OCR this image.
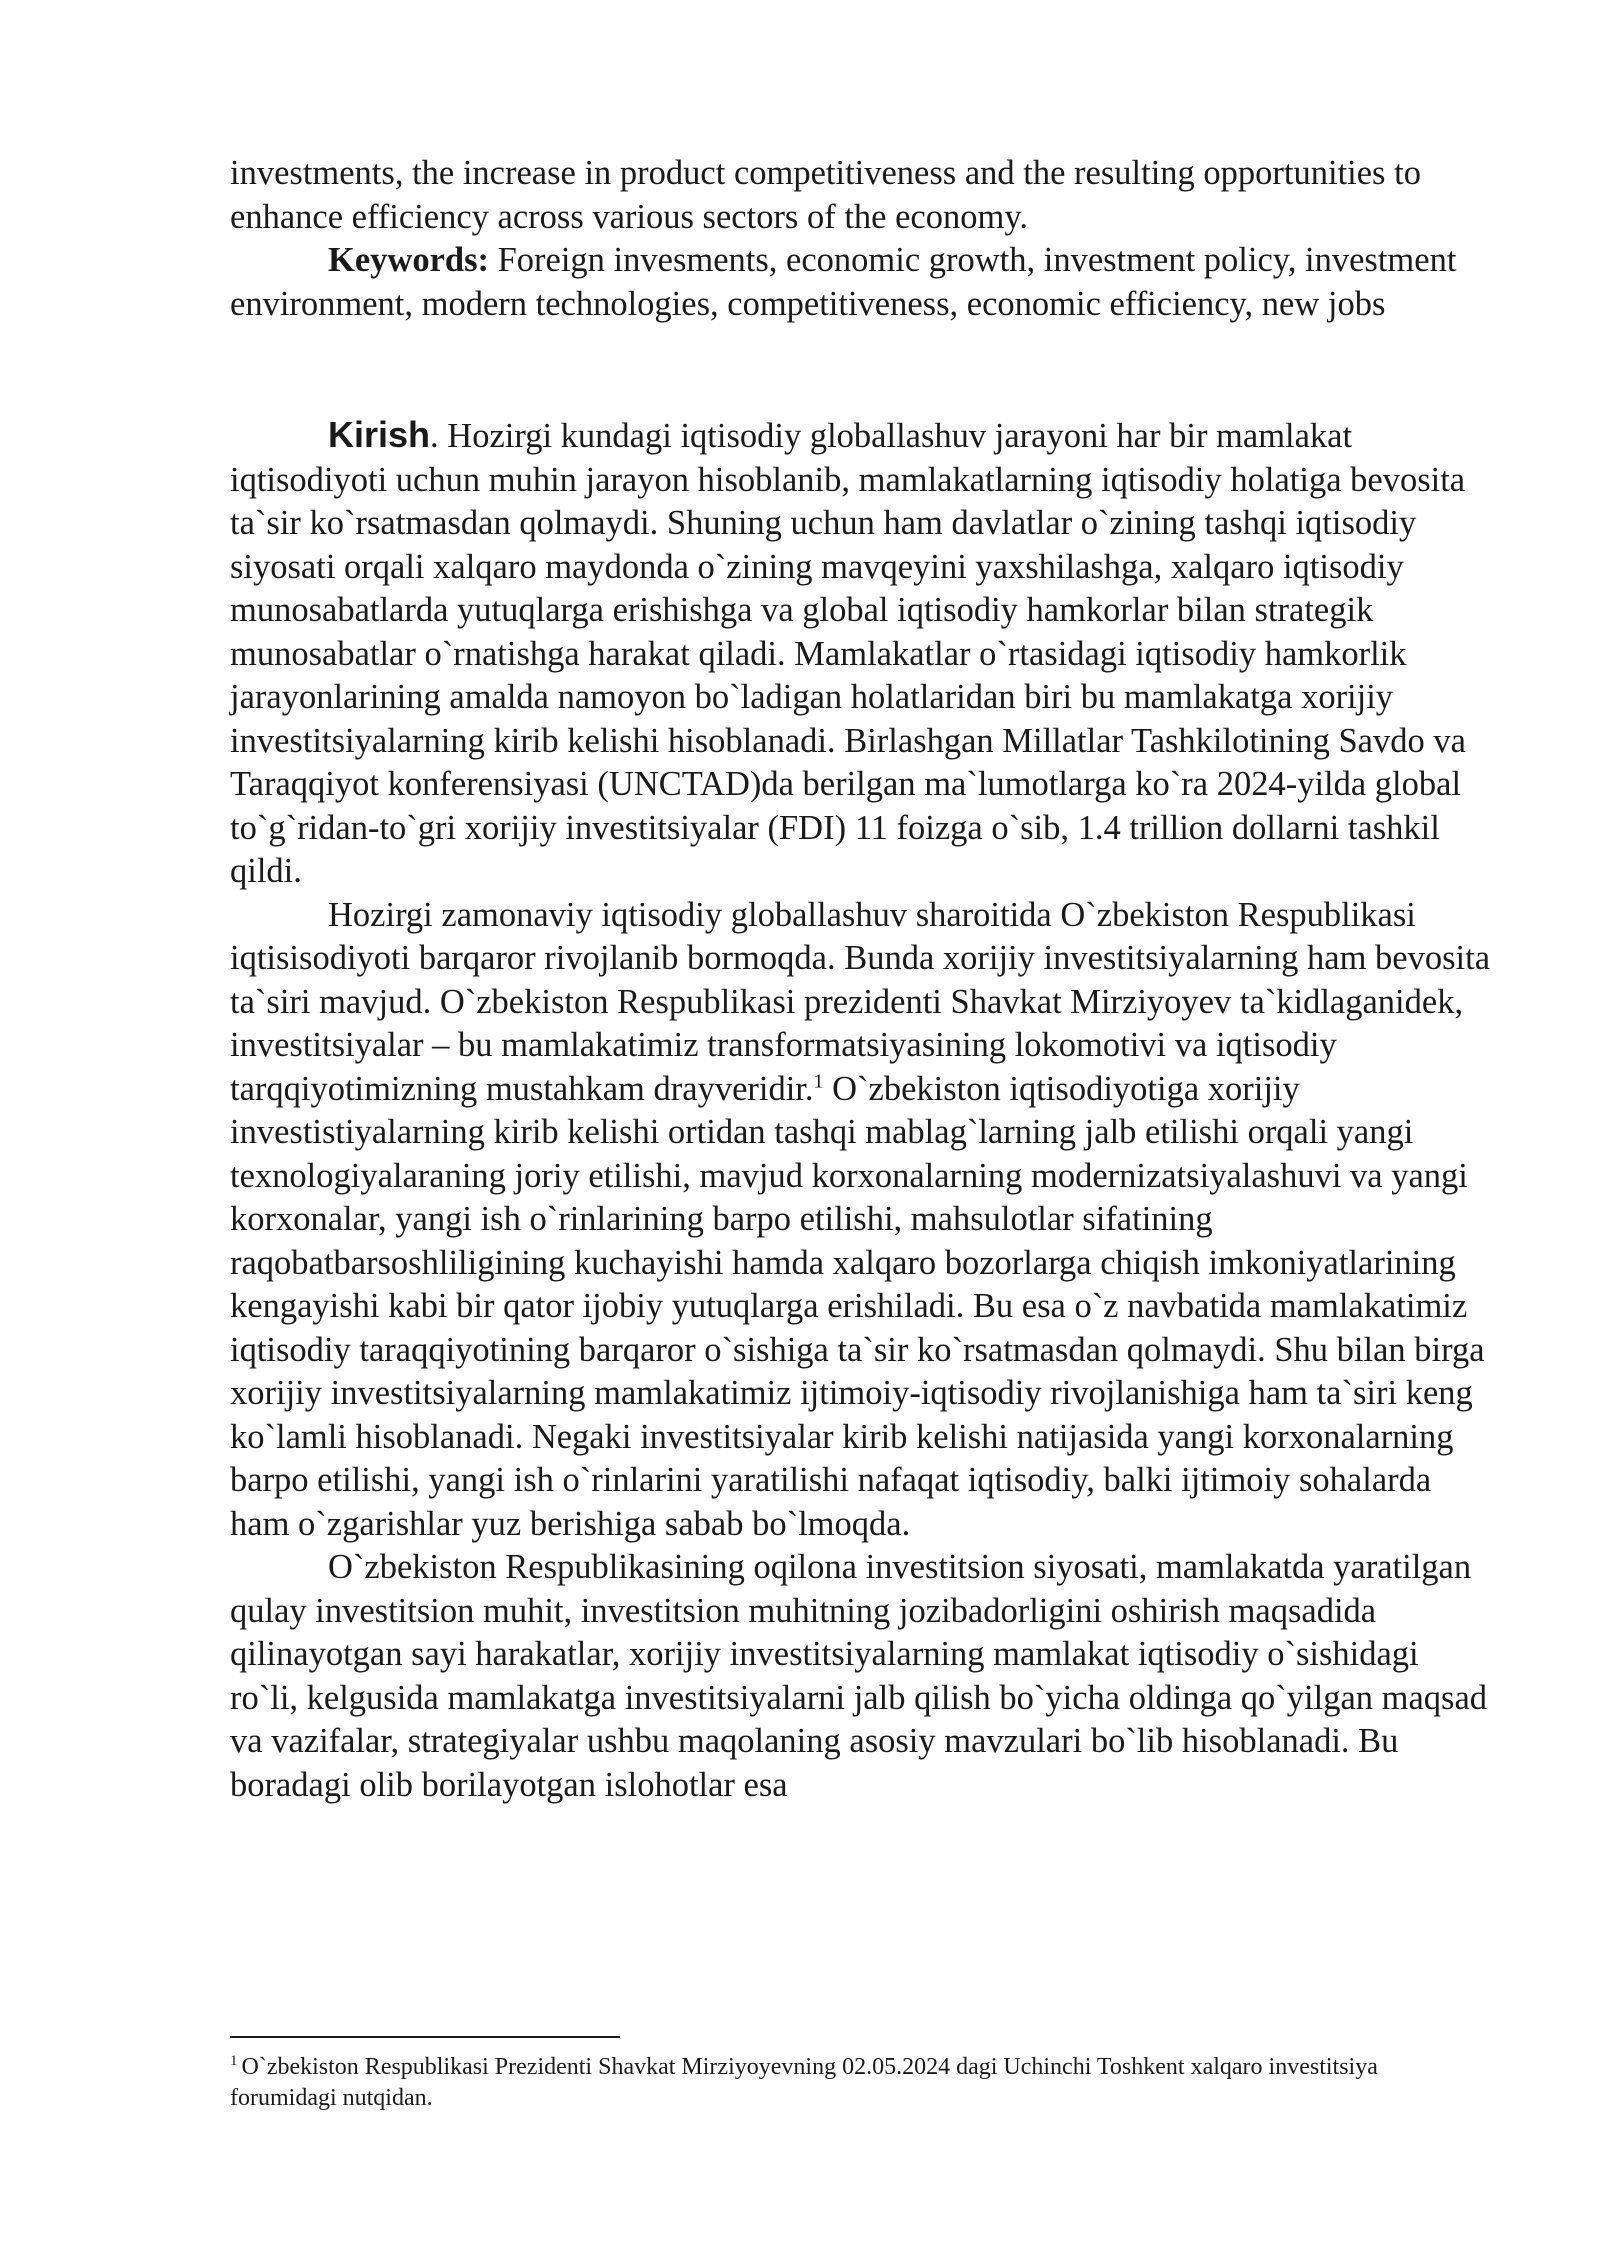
investments, the increase in product competitiveness and the resulting opportunities to enhance efficiency across various sectors of the economy.

Keywords: Foreign invesments, economic growth, investment policy, investment environment, modern technologies, competitiveness, economic efficiency, new jobs

Kirish. Hozirgi kundagi iqtisodiy globallashuv jarayoni har bir mamlakat iqtisodiyoti uchun muhin jarayon hisoblanib, mamlakatlarning iqtisodiy holatiga bevosita ta`sir ko`rsatmasdan qolmaydi. Shuning uchun ham davlatlar o`zining tashqi iqtisodiy siyosati orqali xalqaro maydonda o`zining mavqeyini yaxshilashga, xalqaro iqtisodiy munosabatlarda yutuqlarga erishishga va global iqtisodiy hamkorlar bilan strategik munosabatlar o`rnatishga harakat qiladi. Mamlakatlar o`rtasidagi iqtisodiy hamkorlik jarayonlarining amalda namoyon bo`ladigan holatlaridan biri bu mamlakatga xorijiy investitsiyalarning kirib kelishi hisoblanadi. Birlashgan Millatlar Tashkilotining Savdo va Taraqqiyot konferensiyasi (UNCTAD)da berilgan ma`lumotlarga ko`ra 2024-yilda global to`g`ridan-to`gri xorijiy investitsiyalar (FDI) 11 foizga o`sib, 1.4 trillion dollarni tashkil qildi.

Hozirgi zamonaviy iqtisodiy globallashuv sharoitida O`zbekiston Respublikasi iqtisisodiyoti barqaror rivojlanib bormoqda. Bunda xorijiy investitsiyalarning ham bevosita ta`siri mavjud. O`zbekiston Respublikasi prezidenti Shavkat Mirziyoyev ta`kidlaganidek, investitsiyalar – bu mamlakatimiz transformatsiyasining lokomotivi va iqtisodiy tarqqiyotimizning mustahkam drayveridir.$^1$ O`zbekiston iqtisodiyotiga xorijiy investistiyalarning kirib kelishi ortidan tashqi mablag`larning jalb etilishi orqali yangi texnologiyalaraning joriy etilishi, mavjud korxonalarning modernizatsiyalashuvi va yangi korxonalar, yangi ish o`rinlarining barpo etilishi, mahsulotlar sifatining raqobatbarsoshliligining kuchayishi hamda xalqaro bozorlarga chiqish imkoniyatlarining kengayishi kabi bir qator ijobiy yutuqlarga erishiladi. Bu esa o`z navbatida mamlakatimiz iqtisodiy taraqqiyotining barqaror o`sishiga ta`sir ko`rsatmasdan qolmaydi. Shu bilan birga xorijiy investitsiyalarning mamlakatimiz ijtimoiy-iqtisodiy rivojlanishiga ham ta`siri keng ko`lamli hisoblanadi. Negaki investitsiyalar kirib kelishi natijasida yangi korxonalarning barpo etilishi, yangi ish o`rinlarini yaratilishi nafaqat iqtisodiy, balki ijtimoiy sohalarda ham o`zgarishlar yuz berishiga sabab bo`lmoqda.

O`zbekiston Respublikasining oqilona investitsion siyosati, mamlakatda yaratilgan qulay investitsion muhit, investitsion muhitning jozibadorligini oshirish maqsadida qilinayotgan sayi harakatlar, xorijiy investitsiyalarning mamlakat iqtisodiy o`sishidagi ro`li, kelgusida mamlakatga investitsiyalarni jalb qilish bo`yicha oldinga qo`yilgan maqsad va vazifalar, strategiyalar ushbu maqolaning asosiy mavzulari bo`lib hisoblanadi. Bu boradagi olib borilayotgan islohotlar esa

$^1$ O`zbekiston Respublikasi Prezidenti Shavkat Mirziyoyevning 02.05.2024 dagi Uchinchi Toshkent xalqaro investitsiya forumidagi nutqidan.
